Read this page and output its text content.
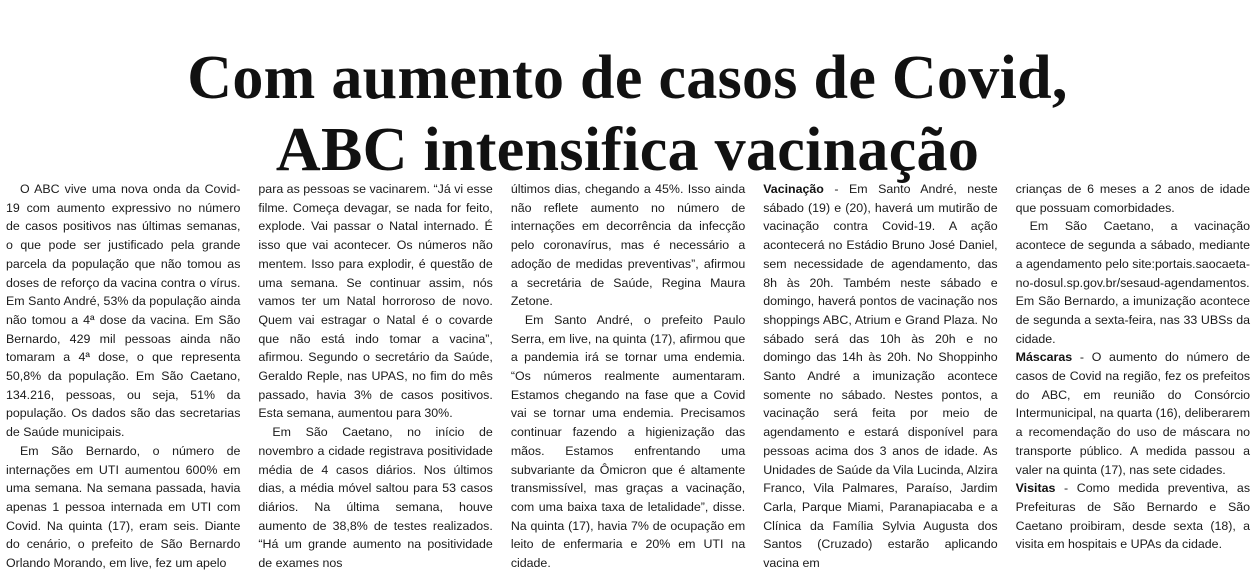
Com aumento de casos de Covid,
ABC intensifica vacinação

O ABC vive uma nova onda da Covid-19 com aumento expressivo no número de casos positivos nas últimas semanas, o que pode ser justificado pela grande parcela da população que não tomou as doses de reforço da vacina contra o vírus. Em Santo André, 53% da população ainda não tomou a 4ª dose da vacina. Em São Bernardo, 429 mil pessoas ainda não tomaram a 4ª dose, o que representa 50,8% da população. Em São Caetano, 134.216, pessoas, ou seja, 51% da população. Os dados são das secretarias de Saúde municipais.

Em São Bernardo, o número de internações em UTI aumentou 600% em uma semana. Na semana passada, havia apenas 1 pessoa internada em UTI com Covid. Na quinta (17), eram seis. Diante do cenário, o prefeito de São Bernardo Orlando Morando, em live, fez um apelo

para as pessoas se vacinarem. “Já vi esse filme. Começa devagar, se nada for feito, explode. Vai passar o Natal internado. É isso que vai acontecer. Os números não mentem. Isso para explodir, é questão de uma semana. Se continuar assim, nós vamos ter um Natal horroroso de novo. Quem vai estragar o Natal é o covarde que não está indo tomar a vacina”, afirmou. Segundo o secretário da Saúde, Geraldo Reple, nas UPAS, no fim do mês passado, havia 3% de casos positivos. Esta semana, aumentou para 30%.

Em São Caetano, no início de novembro a cidade registrava positividade média de 4 casos diários. Nos últimos dias, a média móvel saltou para 53 casos diários. Na última semana, houve aumento de 38,8% de testes realizados. “Há um grande aumento na positividade de exames nos

últimos dias, chegando a 45%. Isso ainda não reflete aumento no número de internações em decorrência da infecção pelo coronavírus, mas é necessário a adoção de medidas preventivas”, afirmou a secretária de Saúde, Regina Maura Zetone.

Em Santo André, o prefeito Paulo Serra, em live, na quinta (17), afirmou que a pandemia irá se tornar uma endemia. “Os números realmente aumentaram. Estamos chegando na fase que a Covid vai se tornar uma endemia. Precisamos continuar fazendo a higienização das mãos. Estamos enfrentando uma subvariante da Ômicron que é altamente transmissível, mas graças a vacinação, com uma baixa taxa de letalidade”, disse. Na quinta (17), havia 7% de ocupação em leito de enfermaria e 20% em UTI na cidade.

Vacinação - Em Santo André, neste sábado (19) e (20), haverá um mutirão de vacinação contra Covid-19. A ação acontecerá no Estádio Bruno José Daniel, sem necessidade de agendamento, das 8h às 20h. Também neste sábado e domingo, haverá pontos de vacinação nos shoppings ABC, Atrium e Grand Plaza. No sábado será das 10h às 20h e no domingo das 14h às 20h. No Shoppinho Santo André a imunização acontece somente no sábado. Nestes pontos, a vacinação será feita por meio de agendamento e estará disponível para pessoas acima dos 3 anos de idade. As Unidades de Saúde da Vila Lucinda, Alzira Franco, Vila Palmares, Paraíso, Jardim Carla, Parque Miami, Paranapiacaba e a Clínica da Família Sylvia Augusta dos Santos (Cruzado) estarão aplicando vacina em

crianças de 6 meses a 2 anos de idade que possuam comorbidades.

Em São Caetano, a vacinação acontece de segunda a sábado, mediante a agendamento pelo site:portais.saocaeta-no-dosul.sp.gov.br/sesaud-agendamentos. Em São Bernardo, a imunização acontece de segunda a sexta-feira, nas 33 UBSs da cidade.

Máscaras - O aumento do número de casos de Covid na região, fez os prefeitos do ABC, em reunião do Consórcio Intermunicipal, na quarta (16), deliberarem a recomendação do uso de máscara no transporte público. A medida passou a valer na quinta (17), nas sete cidades.

Visitas - Como medida preventiva, as Prefeituras de São Bernardo e São Caetano proibiram, desde sexta (18), a visita em hospitais e UPAs da cidade.
